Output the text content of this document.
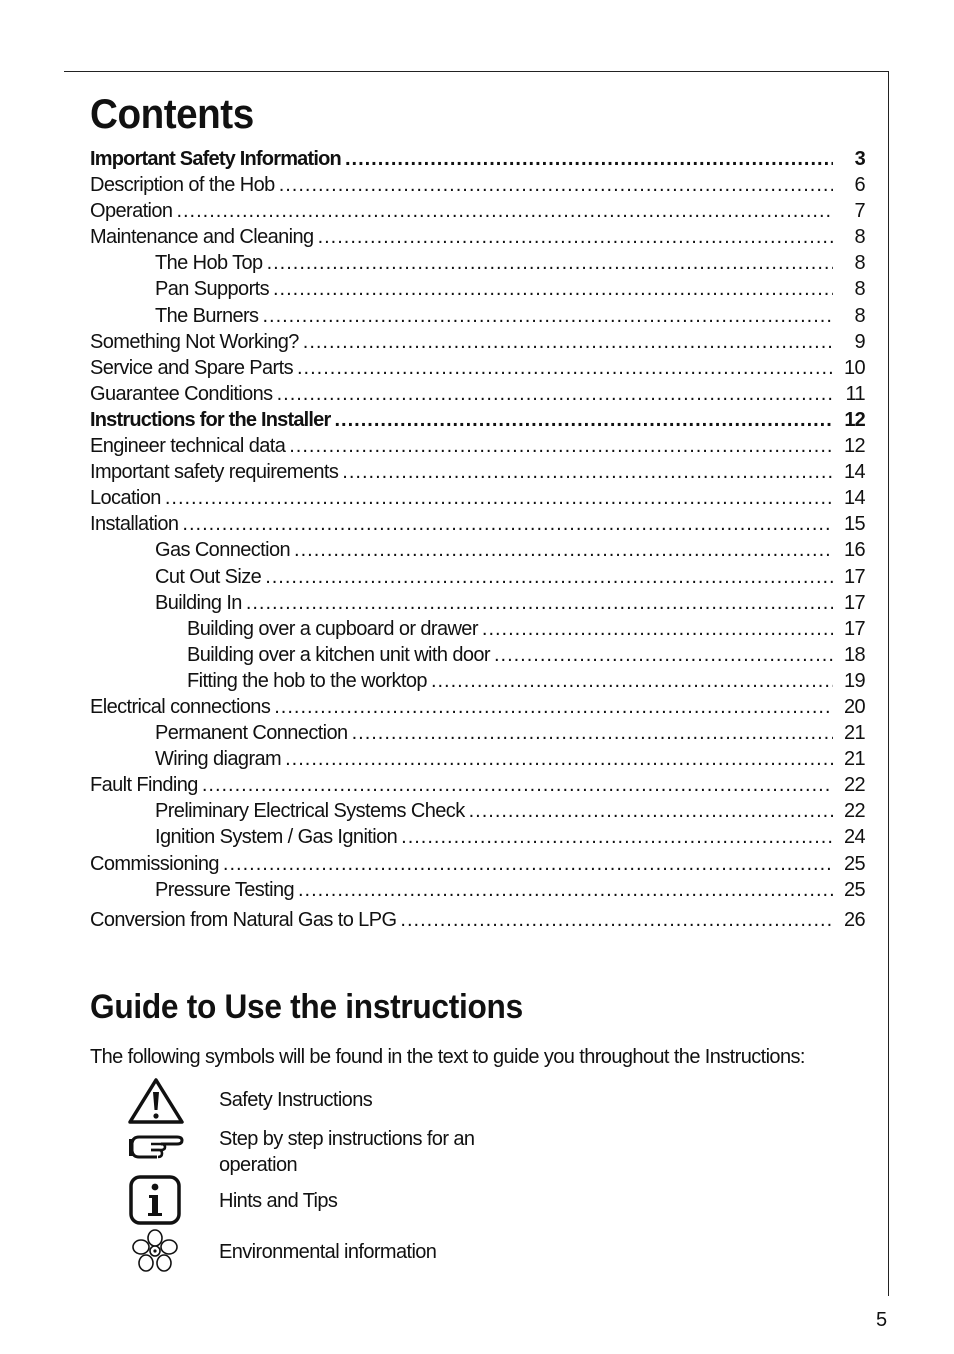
Contents
Important Safety Information .....	3
Description of the Hob .....	6
Operation .....	7
Maintenance and Cleaning .....	8
The Hob Top .....	8
Pan Supports .....	8
The Burners .....	8
Something Not Working? .....	9
Service and Spare Parts .....	10
Guarantee Conditions .....	11
Instructions for the Installer .....	12
Engineer technical data .....	12
Important safety requirements .....	14
Location .....	14
Installation .....	15
Gas Connection .....	16
Cut Out Size .....	17
Building In .....	17
Building over a cupboard or drawer .....	17
Building over a kitchen unit with door .....	18
Fitting the hob to the worktop .....	19
Electrical connections .....	20
Permanent Connection .....	21
Wiring diagram .....	21
Fault Finding .....	22
Preliminary Electrical Systems Check .....	22
Ignition System / Gas Ignition .....	24
Commissioning .....	25
Pressure Testing .....	25
Conversion from Natural Gas to LPG .....	26
Guide to Use the instructions
The following symbols will be found in the text to guide you throughout the Instructions:
Safety Instructions
Step by step instructions for an operation
Hints and Tips
Environmental information
5
